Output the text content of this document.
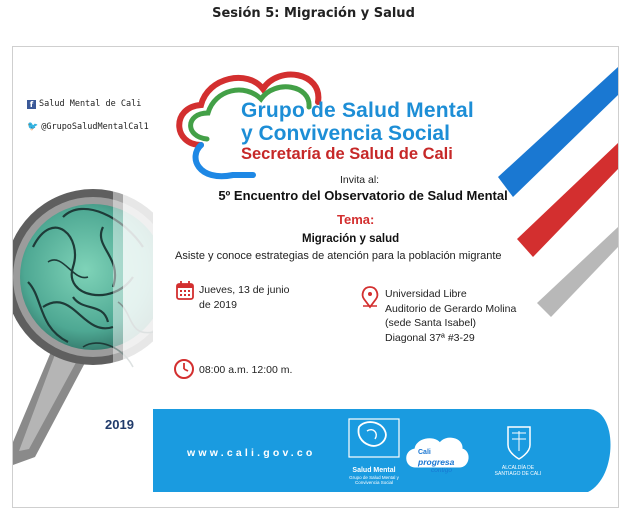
Sesión 5: Migración y Salud
f Salud Mental de Cali
🐦 @GrupoSaludMentalCal1
2019
Grupo de Salud Mental
y Convivencia Social
Secretaría de Salud de Cali
Invita al:
5º Encuentro del Observatorio de Salud Mental
Tema:
Migración y salud
Asiste y conoce estrategias de atención para la población migrante
Jueves, 13 de junio
de 2019
Universidad Libre
Auditorio de Gerardo Molina
(sede Santa Isabel)
Diagonal 37ª #3-29
08:00 a.m. 12:00 m.
www.cali.gov.co
Salud Mental
Grupo de Salud Mental y Convivencia Social
Cali
progresa
contigo	ALCALDÍA DE
SANTIAGO DE CALI
